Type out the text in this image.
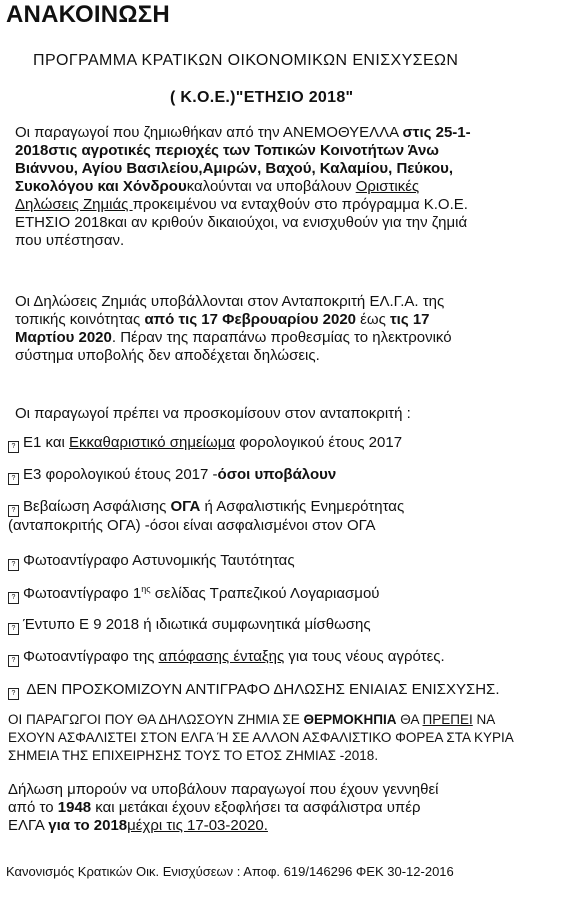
ΑΝΑΚΟΙΝΩΣΗ
ΠΡΟΓΡΑΜΜΑ ΚΡΑΤΙΚΩΝ ΟΙΚΟΝΟΜΙΚΩΝ ΕΝΙΣΧΥΣΕΩΝ
( Κ.Ο.Ε.)"ΕΤΗΣΙΟ 2018"
Οι παραγωγοί που ζημιωθήκαν από την ΑΝΕΜΟΘΥΕΛΛΑ στις 25-1-
2018στις αγροτικές περιοχές των Τοπικών Κοινοτήτων Άνω
Βιάννου, Αγίου Βασιλείου,Αμιρών, Βαχού, Καλαμίου, Πεύκου,
Συκολόγου και Χόνδρουκαλούνται να υποβάλουν Οριστικές
Δηλώσεις Ζημιάς προκειμένου να ενταχθούν στο πρόγραμμα Κ.Ο.Ε.
ΕΤΗΣΙΟ 2018και αν κριθούν δικαιούχοι, να ενισχυθούν για την ζημιά
που υπέστησαν.
Οι Δηλώσεις Ζημιάς υποβάλλονται στον Ανταποκριτή ΕΛ.Γ.Α. της
τοπικής κοινότητας από τις 17 Φεβρουαρίου 2020 έως τις 17
Μαρτίου 2020. Πέραν της παραπάνω προθεσμίας το ηλεκτρονικό
σύστημα υποβολής δεν αποδέχεται δηλώσεις.
Οι παραγωγοί πρέπει να προσκομίσουν στον ανταποκριτή :
? Ε1 και Εκκαθαριστικό σημείωμα φορολογικού έτους 2017
? Ε3 φορολογικού έτους 2017 -όσοι υποβάλουν
? Βεβαίωση Ασφάλισης ΟΓΑ ή Ασφαλιστικής Ενημερότητας
(ανταποκριτής ΟΓΑ) -όσοι είναι ασφαλισμένοι στον ΟΓΑ
? Φωτοαντίγραφο Αστυνομικής Ταυτότητας
? Φωτοαντίγραφο $1^{\eta\varsigma}$ σελίδας Τραπεζικού Λογαριασμού
? Έντυπο Ε 9 2018 ή ιδιωτικά συμφωνητικά μίσθωσης
? Φωτοαντίγραφο της απόφασης ένταξης για τους νέους αγρότες.
? ΔΕΝ ΠΡΟΣΚΟΜΙΖΟΥΝ ΑΝΤΙΓΡΑΦΟ ΔΗΛΩΣΗΣ ΕΝΙΑΙΑΣ ΕΝΙΣΧΥΣΗΣ.
ΟΙ ΠΑΡΑΓΩΓΟΙ ΠΟΥ ΘΑ ΔΗΛΩΣΟΥΝ ΖΗΜΙΑ ΣΕ ΘΕΡΜΟΚΗΠΙΑ ΘΑ ΠΡΕΠΕΙ ΝΑ
ΕΧΟΥΝ ΑΣΦΑΛΙΣΤΕΙ ΣΤΟΝ ΕΛΓΑ Ή ΣΕ ΑΛΛΟΝ ΑΣΦΑΛΙΣΤΙΚΟ ΦΟΡΕΑ ΣΤΑ ΚΥΡΙΑ
ΣΗΜΕΙΑ ΤΗΣ ΕΠΙΧΕΙΡΗΣΗΣ ΤΟΥΣ ΤΟ ΕΤΟΣ ΖΗΜΙΑΣ -2018.
Δήλωση μπορούν να υποβάλουν παραγωγοί που έχουν γεννηθεί
από το 1948 και μετάκαι έχουν εξοφλήσει τα ασφάλιστρα υπέρ
ΕΛΓΑ για το 2018μέχρι τις 17-03-2020.
Κανονισμός Κρατικών Οικ. Ενισχύσεων : Αποφ. 619/146296 ΦΕΚ 30-12-2016
